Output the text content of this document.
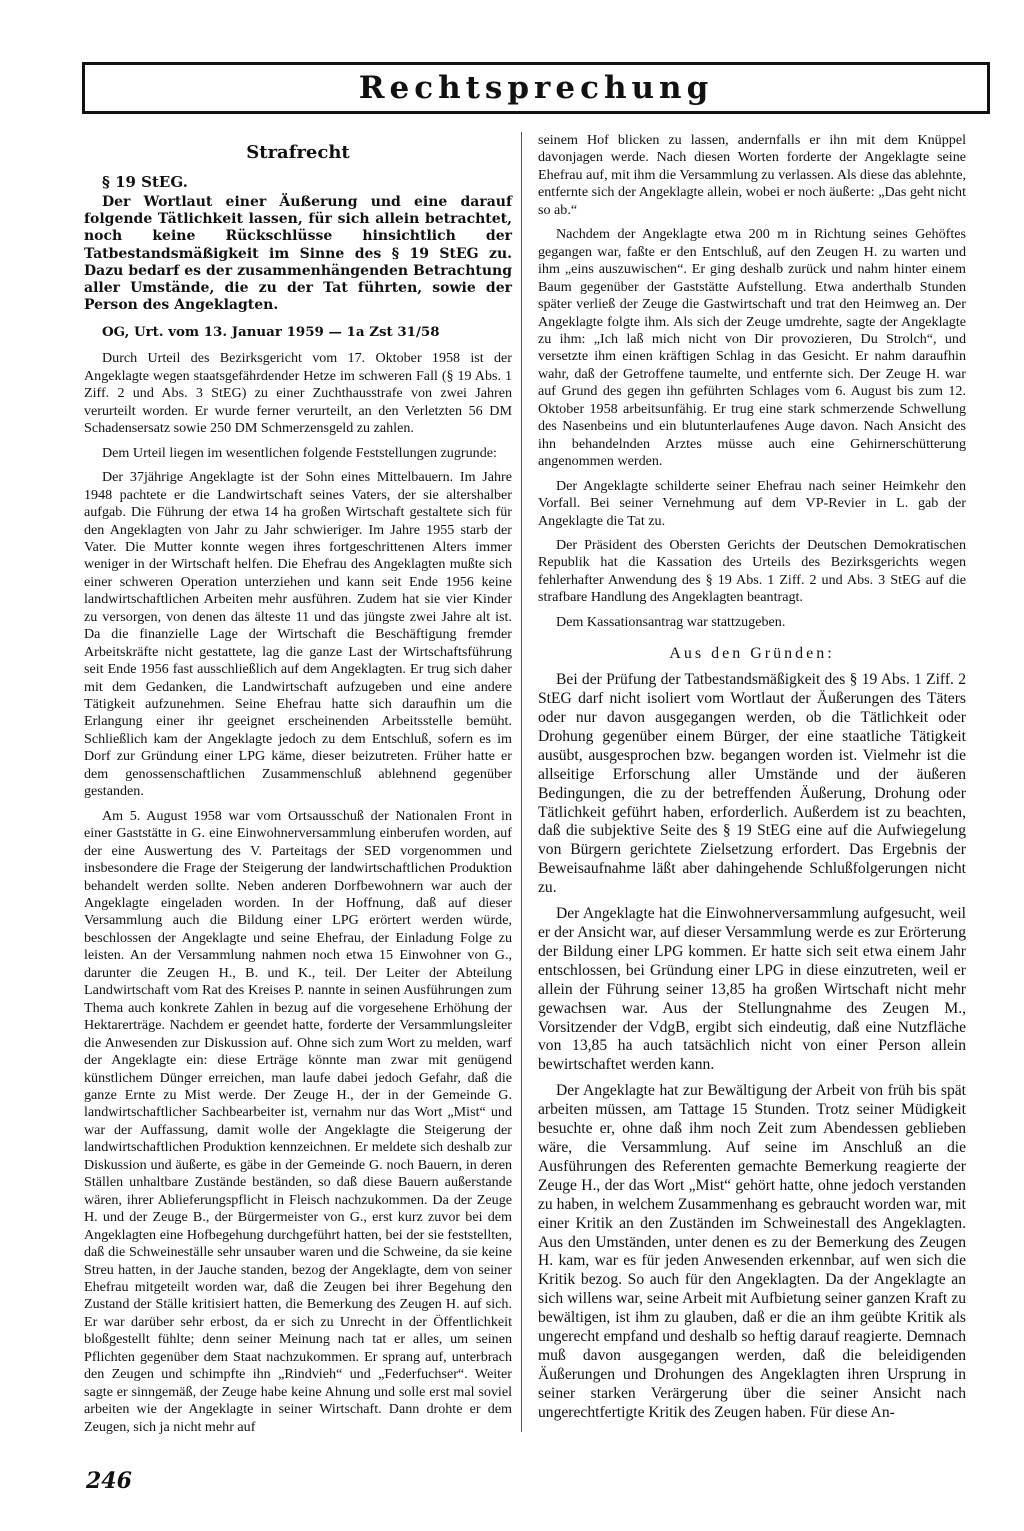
Rechtsprechung
Strafrecht
§ 19 StEG.
Der Wortlaut einer Äußerung und eine darauf folgende Tätlichkeit lassen, für sich allein betrachtet, noch keine Rückschlüsse hinsichtlich der Tatbestandsmäßigkeit im Sinne des § 19 StEG zu. Dazu bedarf es der zusammenhängenden Betrachtung aller Umstände, die zu der Tat führten, sowie der Person des Angeklagten.
OG, Urt. vom 13. Januar 1959 — 1a Zst 31/58

Durch Urteil des Bezirksgericht vom 17. Oktober 1958 ist der Angeklagte wegen staatsgefährdender Hetze im schweren Fall (§ 19 Abs. 1 Ziff. 2 und Abs. 3 StEG) zu einer Zuchthausstrafe von zwei Jahren verurteilt worden. Er wurde ferner verurteilt, an den Verletzten 56 DM Schadensersatz sowie 250 DM Schmerzensgeld zu zahlen.

Dem Urteil liegen im wesentlichen folgende Feststellungen zugrunde:

Der 37jährige Angeklagte ist der Sohn eines Mittelbauern. Im Jahre 1948 pachtete er die Landwirtschaft seines Vaters, der sie altershalber aufgab. Die Führung der etwa 14 ha großen Wirtschaft gestaltete sich für den Angeklagten von Jahr zu Jahr schwieriger. Im Jahre 1955 starb der Vater. Die Mutter konnte wegen ihres fortgeschrittenen Alters immer weniger in der Wirtschaft helfen. Die Ehefrau des Angeklagten mußte sich einer schweren Operation unterziehen und kann seit Ende 1956 keine landwirtschaftlichen Arbeiten mehr ausführen. Zudem hat sie vier Kinder zu versorgen, von denen das älteste 11 und das jüngste zwei Jahre alt ist. Da die finanzielle Lage der Wirtschaft die Beschäftigung fremder Arbeitskräfte nicht gestattete, lag die ganze Last der Wirtschaftsführung seit Ende 1956 fast ausschließlich auf dem Angeklagten. Er trug sich daher mit dem Gedanken, die Landwirtschaft aufzugeben und eine andere Tätigkeit aufzunehmen. Seine Ehefrau hatte sich daraufhin um die Erlangung einer ihr geeignet erscheinenden Arbeitsstelle bemüht. Schließlich kam der Angeklagte jedoch zu dem Entschluß, sofern es im Dorf zur Gründung einer LPG käme, dieser beizutreten. Früher hatte er dem genossenschaftlichen Zusammenschluß ablehnend gegenüber gestanden.

Am 5. August 1958 war vom Ortsausschuß der Nationalen Front in einer Gaststätte in G. eine Einwohnerversammlung einberufen worden, auf der eine Auswertung des V. Parteitags der SED vorgenommen und insbesondere die Frage der Steigerung der landwirtschaftlichen Produktion behandelt werden sollte. Neben anderen Dorfbewohnern war auch der Angeklagte eingeladen worden. In der Hoffnung, daß auf dieser Versammlung auch die Bildung einer LPG erörtert werden würde, beschlossen der Angeklagte und seine Ehefrau, der Einladung Folge zu leisten. An der Versammlung nahmen noch etwa 15 Einwohner von G., darunter die Zeugen H., B. und K., teil. Der Leiter der Abteilung Landwirtschaft vom Rat des Kreises P. nannte in seinen Ausführungen zum Thema auch konkrete Zahlen in bezug auf die vorgesehene Erhöhung der Hektarerträge. Nachdem er geendet hatte, forderte der Versammlungsleiter die Anwesenden zur Diskussion auf. Ohne sich zum Wort zu melden, warf der Angeklagte ein: diese Erträge könnte man zwar mit genügend künstlichem Dünger erreichen, man laufe dabei jedoch Gefahr, daß die ganze Ernte zu Mist werde. Der Zeuge H., der in der Gemeinde G. landwirtschaftlicher Sachbearbeiter ist, vernahm nur das Wort „Mist“ und war der Auffassung, damit wolle der Angeklagte die Steigerung der landwirtschaftlichen Produktion kennzeichnen. Er meldete sich deshalb zur Diskussion und äußerte, es gäbe in der Gemeinde G. noch Bauern, in deren Ställen unhaltbare Zustände beständen, so daß diese Bauern außerstande wären, ihrer Ablieferungspflicht in Fleisch nachzukommen. Da der Zeuge H. und der Zeuge B., der Bürgermeister von G., erst kurz zuvor bei dem Angeklagten eine Hofbegehung durchgeführt hatten, bei der sie feststellten, daß die Schweineställe sehr unsauber waren und die Schweine, da sie keine Streu hatten, in der Jauche standen, bezog der Angeklagte, dem von seiner Ehefrau mitgeteilt worden war, daß die Zeugen bei ihrer Begehung den Zustand der Ställe kritisiert hatten, die Bemerkung des Zeugen H. auf sich. Er war darüber sehr erbost, da er sich zu Unrecht in der Öffentlichkeit bloßgestellt fühlte; denn seiner Meinung nach tat er alles, um seinen Pflichten gegenüber dem Staat nachzukommen. Er sprang auf, unterbrach den Zeugen und schimpfte ihn „Rindvieh“ und „Federfuchser“. Weiter sagte er sinngemäß, der Zeuge habe keine Ahnung und solle erst mal soviel arbeiten wie der Angeklagte in seiner Wirtschaft. Dann drohte er dem Zeugen, sich ja nicht mehr auf

seinem Hof blicken zu lassen, andernfalls er ihn mit dem Knüppel davonjagen werde. Nach diesen Worten forderte der Angeklagte seine Ehefrau auf, mit ihm die Versammlung zu verlassen. Als diese das ablehnte, entfernte sich der Angeklagte allein, wobei er noch äußerte: „Das geht nicht so ab.“

Nachdem der Angeklagte etwa 200 m in Richtung seines Gehöftes gegangen war, faßte er den Entschluß, auf den Zeugen H. zu warten und ihm „eins auszuwischen“. Er ging deshalb zurück und nahm hinter einem Baum gegenüber der Gaststätte Aufstellung. Etwa anderthalb Stunden später verließ der Zeuge die Gastwirtschaft und trat den Heimweg an. Der Angeklagte folgte ihm. Als sich der Zeuge umdrehte, sagte der Angeklagte zu ihm: „Ich laß mich nicht von Dir provozieren, Du Strolch“, und versetzte ihm einen kräftigen Schlag in das Gesicht. Er nahm daraufhin wahr, daß der Getroffene taumelte, und entfernte sich. Der Zeuge H. war auf Grund des gegen ihn geführten Schlages vom 6. August bis zum 12. Oktober 1958 arbeitsunfähig. Er trug eine stark schmerzende Schwellung des Nasenbeins und ein blutunterlaufenes Auge davon. Nach Ansicht des ihn behandelnden Arztes müsse auch eine Gehirnerschütterung angenommen werden.

Der Angeklagte schilderte seiner Ehefrau nach seiner Heimkehr den Vorfall. Bei seiner Vernehmung auf dem VP-Revier in L. gab der Angeklagte die Tat zu.

Der Präsident des Obersten Gerichts der Deutschen Demokratischen Republik hat die Kassation des Urteils des Bezirksgerichts wegen fehlerhafter Anwendung des § 19 Abs. 1 Ziff. 2 und Abs. 3 StEG auf die strafbare Handlung des Angeklagten beantragt.

Dem Kassationsantrag war stattzugeben.

Aus den Gründen:

Bei der Prüfung der Tatbestandsmäßigkeit des § 19 Abs. 1 Ziff. 2 StEG darf nicht isoliert vom Wortlaut der Äußerungen des Täters oder nur davon ausgegangen werden, ob die Tätlichkeit oder Drohung gegenüber einem Bürger, der eine staatliche Tätigkeit ausübt, ausgesprochen bzw. begangen worden ist. Vielmehr ist die allseitige Erforschung aller Umstände und der äußeren Bedingungen, die zu der betreffenden Äußerung, Drohung oder Tätlichkeit geführt haben, erforderlich. Außerdem ist zu beachten, daß die subjektive Seite des § 19 StEG eine auf die Aufwiegelung von Bürgern gerichtete Zielsetzung erfordert. Das Ergebnis der Beweisaufnahme läßt aber dahingehende Schlußfolgerungen nicht zu.

Der Angeklagte hat die Einwohnerversammlung aufgesucht, weil er der Ansicht war, auf dieser Versammlung werde es zur Erörterung der Bildung einer LPG kommen. Er hatte sich seit etwa einem Jahr entschlossen, bei Gründung einer LPG in diese einzutreten, weil er allein der Führung seiner 13,85 ha großen Wirtschaft nicht mehr gewachsen war. Aus der Stellungnahme des Zeugen M., Vorsitzender der VdgB, ergibt sich eindeutig, daß eine Nutzfläche von 13,85 ha auch tatsächlich nicht von einer Person allein bewirtschaftet werden kann.

Der Angeklagte hat zur Bewältigung der Arbeit von früh bis spät arbeiten müssen, am Tattage 15 Stunden. Trotz seiner Müdigkeit besuchte er, ohne daß ihm noch Zeit zum Abendessen geblieben wäre, die Versammlung. Auf seine im Anschluß an die Ausführungen des Referenten gemachte Bemerkung reagierte der Zeuge H., der das Wort „Mist“ gehört hatte, ohne jedoch verstanden zu haben, in welchem Zusammenhang es gebraucht worden war, mit einer Kritik an den Zuständen im Schweinestall des Angeklagten. Aus den Umständen, unter denen es zu der Bemerkung des Zeugen H. kam, war es für jeden Anwesenden erkennbar, auf wen sich die Kritik bezog. So auch für den Angeklagten. Da der Angeklagte an sich willens war, seine Arbeit mit Aufbietung seiner ganzen Kraft zu bewältigen, ist ihm zu glauben, daß er die an ihm geübte Kritik als ungerecht empfand und deshalb so heftig darauf reagierte. Demnach muß davon ausgegangen werden, daß die beleidigenden Äußerungen und Drohungen des Angeklagten ihren Ursprung in seiner starken Verärgerung über die seiner Ansicht nach ungerechtfertigte Kritik des Zeugen haben. Für diese An-

246
